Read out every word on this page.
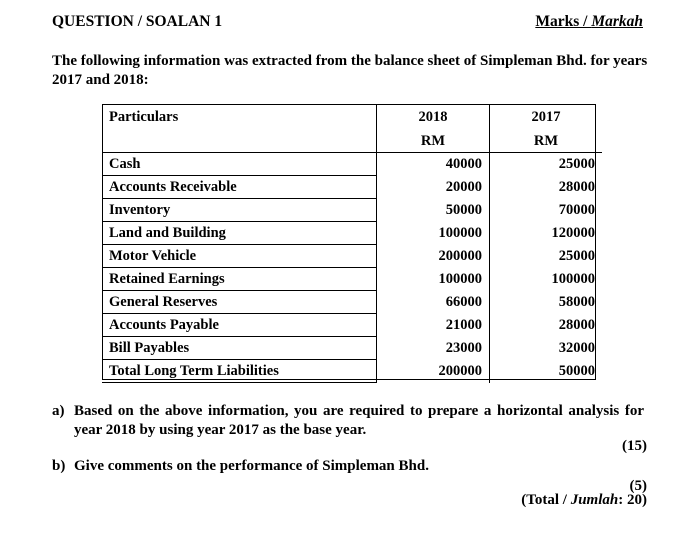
QUESTION / SOALAN 1	Marks / Markah
The following information was extracted from the balance sheet of Simpleman Bhd. for years 2017 and 2018:
Particulars	2018	2017
	RM	RM
Cash	40000	25000
Accounts Receivable	20000	28000
Inventory	50000	70000
Land and Building	100000	120000
Motor Vehicle	200000	25000
Retained Earnings	100000	100000
General Reserves	66000	58000
Accounts Payable	21000	28000
Bill Payables	23000	32000
Total Long Term Liabilities	200000	50000
a) Based on the above information, you are required to prepare a horizontal analysis for year 2018 by using year 2017 as the base year.
(15)
b) Give comments on the performance of Simpleman Bhd.
(5)
(Total / Jumlah: 20)
